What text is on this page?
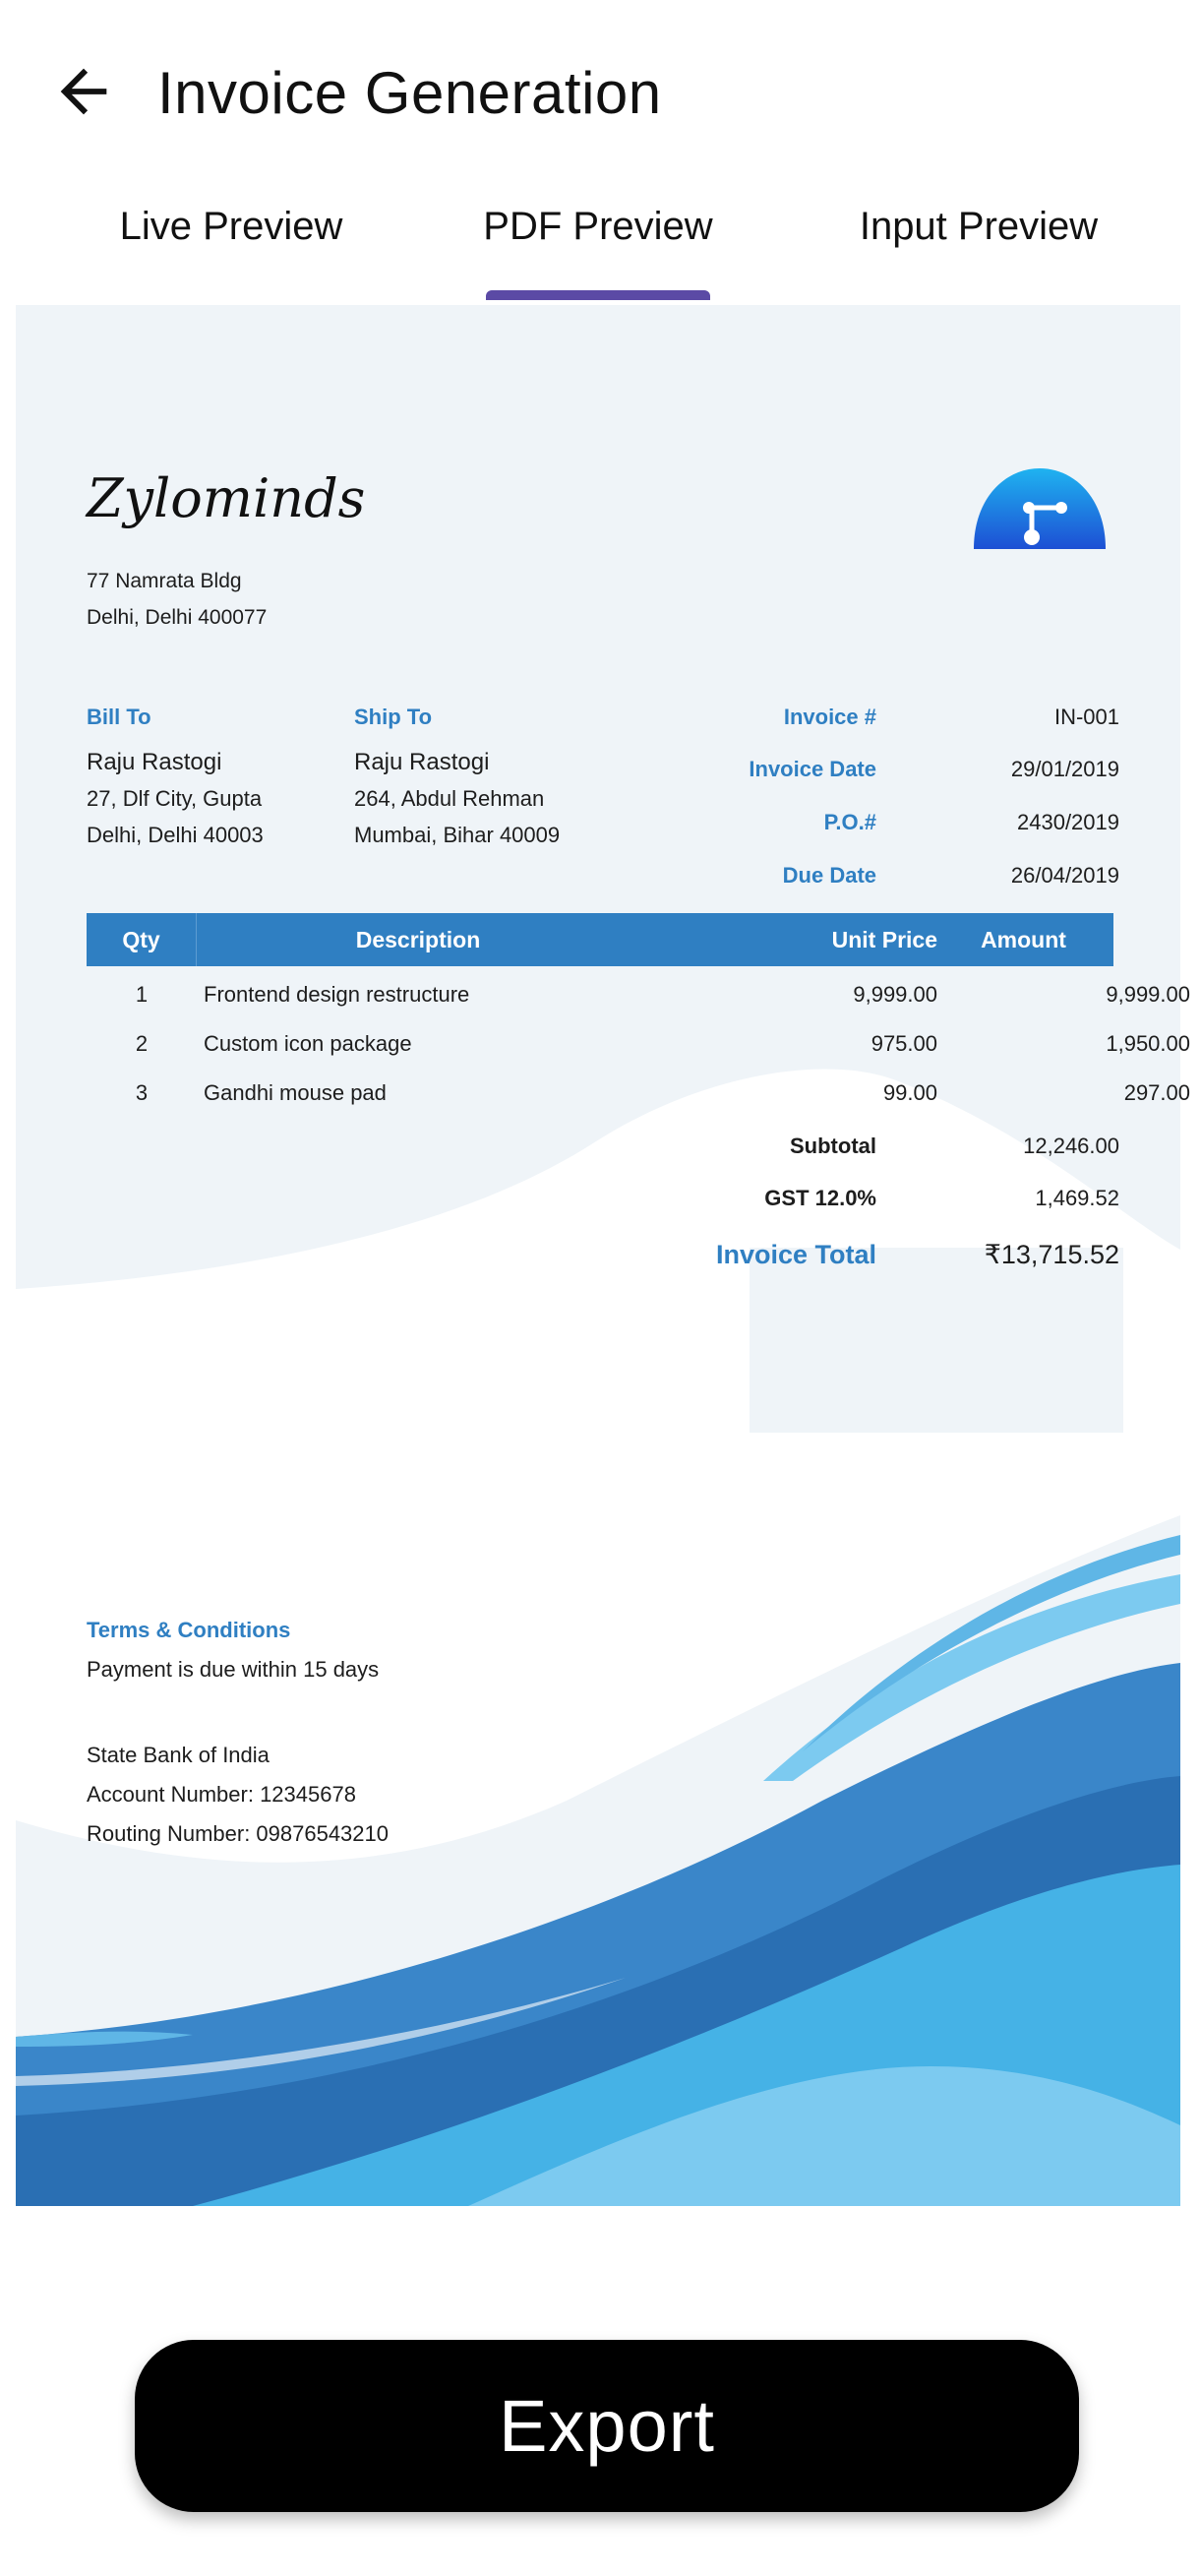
Invoice Generation
Live Preview	PDF Preview	Input Preview
Zylominds
77 Namrata Bldg
Delhi, Delhi 400077
Bill To
Raju Rastogi
27, Dlf City, Gupta
Delhi, Delhi 40003
Ship To
Raju Rastogi
264, Abdul Rehman
Mumbai, Bihar 40009
Invoice #	IN-001
Invoice Date	29/01/2019
P.O.#	2430/2019
Due Date	26/04/2019
Qty	Description	Unit Price	Amount
1	Frontend design restructure	9,999.00	9,999.00
2	Custom icon package	975.00	1,950.00
3	Gandhi mouse pad	99.00	297.00
Subtotal	12,246.00
GST 12.0%	1,469.52
Invoice Total	₹13,715.52
Terms & Conditions
Payment is due within 15 days
State Bank of India
Account Number: 12345678
Routing Number: 09876543210
Export
